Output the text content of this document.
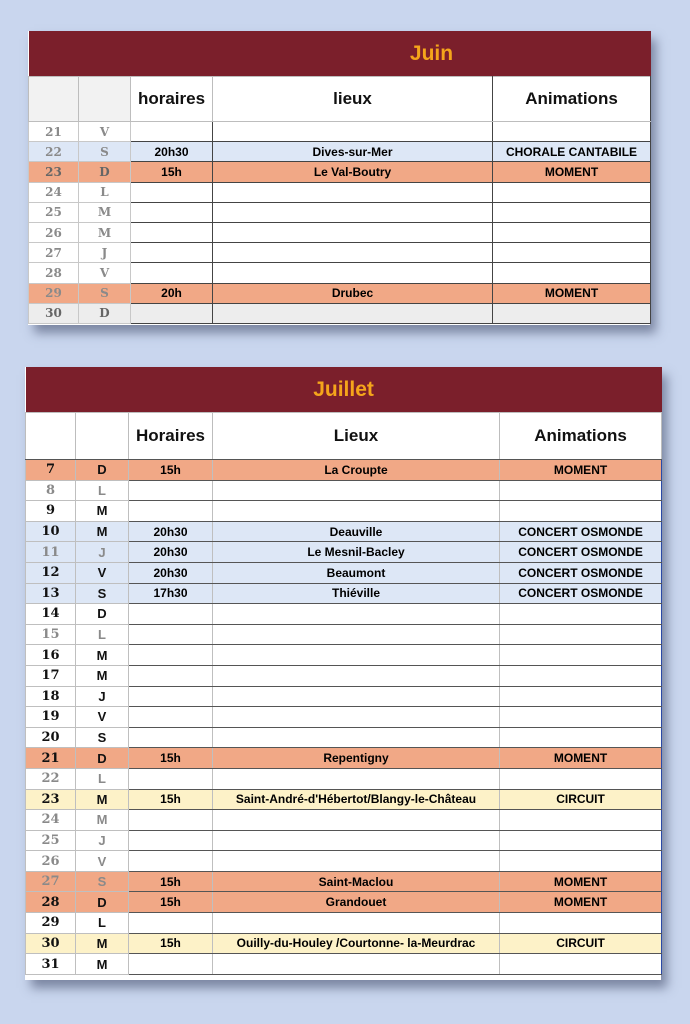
			Juin	
		horaires	lieux	Animations
21	V			
22	S	20h30	Dives-sur-Mer	CHORALE CANTABILE
23	D	15h	Le Val-Boutry	MOMENT
24	L			
25	M			
26	M			
27	J			
28	V			
29	S	20h	Drubec	MOMENT
30	D			
Juillet				
		Horaires	Lieux	Animations
7	D	15h	La Croupte	MOMENT
8	L			
9	M			
10	M	20h30	Deauville	CONCERT OSMONDE
11	J	20h30	Le Mesnil-Bacley	CONCERT OSMONDE
12	V	20h30	Beaumont	CONCERT OSMONDE
13	S	17h30	Thiéville	CONCERT OSMONDE
14	D			
15	L			
16	M			
17	M			
18	J			
19	V			
20	S			
21	D	15h	Repentigny	MOMENT
22	L			
23	M	15h	Saint-André-d'Hébertot/Blangy-le-Château	CIRCUIT
24	M			
25	J			
26	V			
27	S	15h	Saint-Maclou	MOMENT
28	D	15h	Grandouet	MOMENT
29	L			
30	M	15h	Ouilly-du-Houley /Courtonne- la-Meurdrac	CIRCUIT
31	M			
